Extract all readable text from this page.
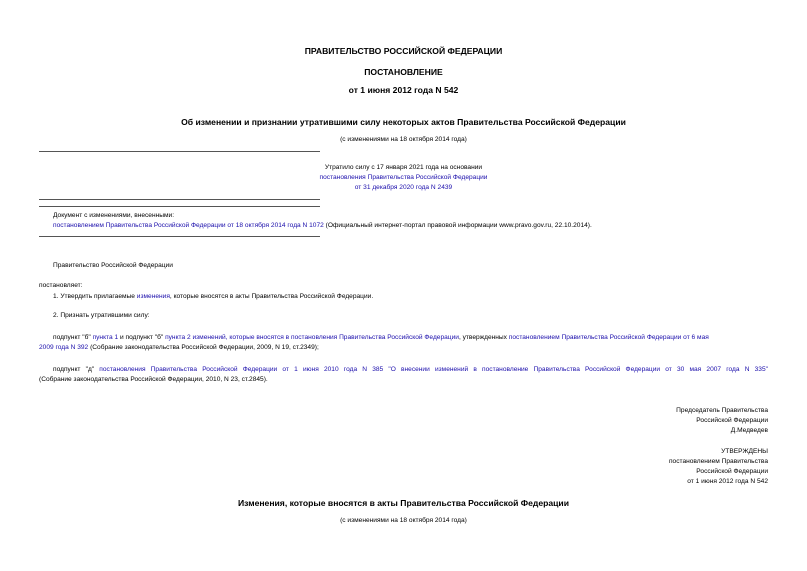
ПРАВИТЕЛЬСТВО РОССИЙСКОЙ ФЕДЕРАЦИИ
ПОСТАНОВЛЕНИЕ
от 1 июня 2012 года N 542
Об изменении и признании утратившими силу некоторых актов Правительства Российской Федерации
(с изменениями на 18 октября 2014 года)
Утратило силу с 17 января 2021 года на основании
постановления Правительства Российской Федерации
от 31 декабря 2020 года N 2439
Документ с изменениями, внесенными:
постановлением Правительства Российской Федерации от 18 октября 2014 года N 1072 (Официальный интернет-портал правовой информации www.pravo.gov.ru, 22.10.2014).
Правительство Российской Федерации
постановляет:
1. Утвердить прилагаемые изменения, которые вносятся в акты Правительства Российской Федерации.
2. Признать утратившими силу:
подпункт "б" пункта 1 и подпункт "б" пункта 2 изменений, которые вносятся в постановления Правительства Российской Федерации, утвержденных постановлением Правительства Российской Федерации от 6 мая
2009 года N 392 (Собрание законодательства Российской Федерации, 2009, N 19, ст.2349);
подпункт "д" постановления Правительства Российской Федерации от 1 июня 2010 года N 385 "О внесении изменений в постановление Правительства Российской Федерации от 30 мая 2007 года N 335"
(Собрание законодательства Российской Федерации, 2010, N 23, ст.2845).
Председатель Правительства
Российской Федерации
Д.Медведев
УТВЕРЖДЕНЫ
постановлением Правительства
Российской Федерации
от 1 июня 2012 года N 542
Изменения, которые вносятся в акты Правительства Российской Федерации
(с изменениями на 18 октября 2014 года)
